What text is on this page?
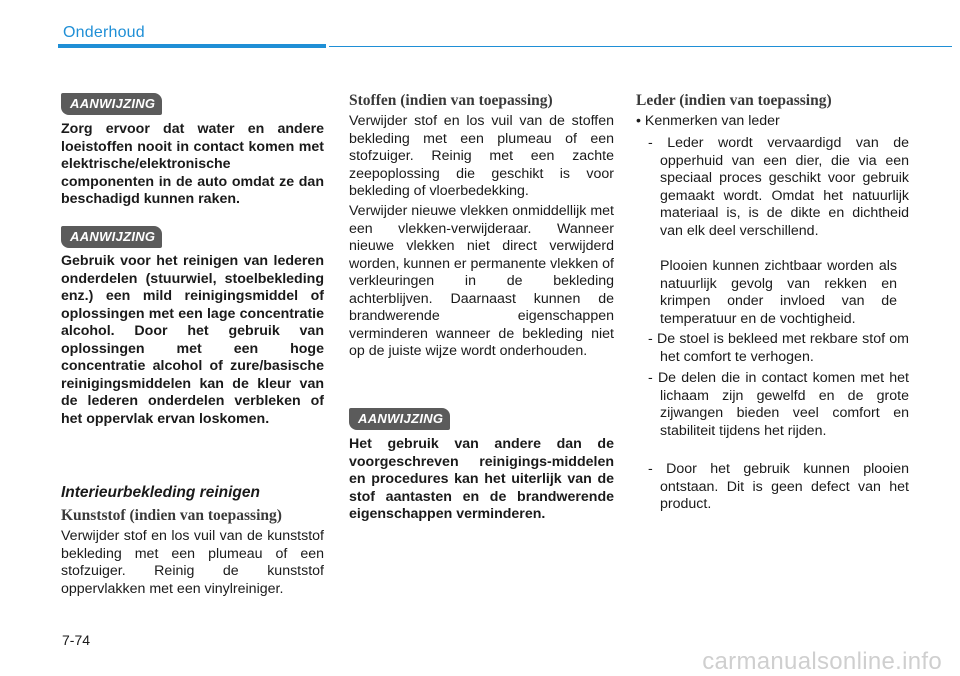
Onderhoud
AANWIJZING
Zorg ervoor dat water en andere loeistoffen nooit in contact komen met elektrische/elektronische componenten in de auto omdat ze dan beschadigd kunnen raken.
AANWIJZING
Gebruik voor het reinigen van lederen onderdelen (stuurwiel, stoelbekleding enz.) een mild reinigingsmiddel of oplossingen met een lage concentratie alcohol. Door het gebruik van oplossingen met een hoge concentratie alcohol of zure/basische reinigingsmiddelen kan de kleur van de lederen onderdelen verbleken of het oppervlak ervan loskomen.
Interieurbekleding reinigen
Kunststof (indien van toepassing)
Verwijder stof en los vuil van de kunststof bekleding met een plumeau of een stofzuiger. Reinig de kunststof oppervlakken met een vinylreiniger.
Stoffen (indien van toepassing)
Verwijder stof en los vuil van de stoffen bekleding met een plumeau of een stofzuiger. Reinig met een zachte zeepoplossing die geschikt is voor bekleding of vloerbedekking.
Verwijder nieuwe vlekken onmiddellijk met een vlekken-verwijderaar. Wanneer nieuwe vlekken niet direct verwijderd worden, kunnen er permanente vlekken of verkleuringen in de bekleding achterblijven. Daarnaast kunnen de brandwerende eigenschappen verminderen wanneer de bekleding niet op de juiste wijze wordt onderhouden.
AANWIJZING
Het gebruik van andere dan de voorgeschreven reinigings-middelen en procedures kan het uiterlijk van de stof aantasten en de brandwerende eigenschappen verminderen.
Leder (indien van toepassing)
• Kenmerken van leder
- Leder wordt vervaardigd van de opperhuid van een dier, die via een speciaal proces geschikt voor gebruik gemaakt wordt. Omdat het natuurlijk materiaal is, is de dikte en dichtheid van elk deel verschillend.
Plooien kunnen zichtbaar worden als natuurlijk gevolg van rekken en krimpen onder invloed van de temperatuur en de vochtigheid.
- De stoel is bekleed met rekbare stof om het comfort te verhogen.
- De delen die in contact komen met het lichaam zijn gewelfd en de grote zijwangen bieden veel comfort en stabiliteit tijdens het rijden.
- Door het gebruik kunnen plooien ontstaan. Dit is geen defect van het product.
7-74
carmanualsonline.info
